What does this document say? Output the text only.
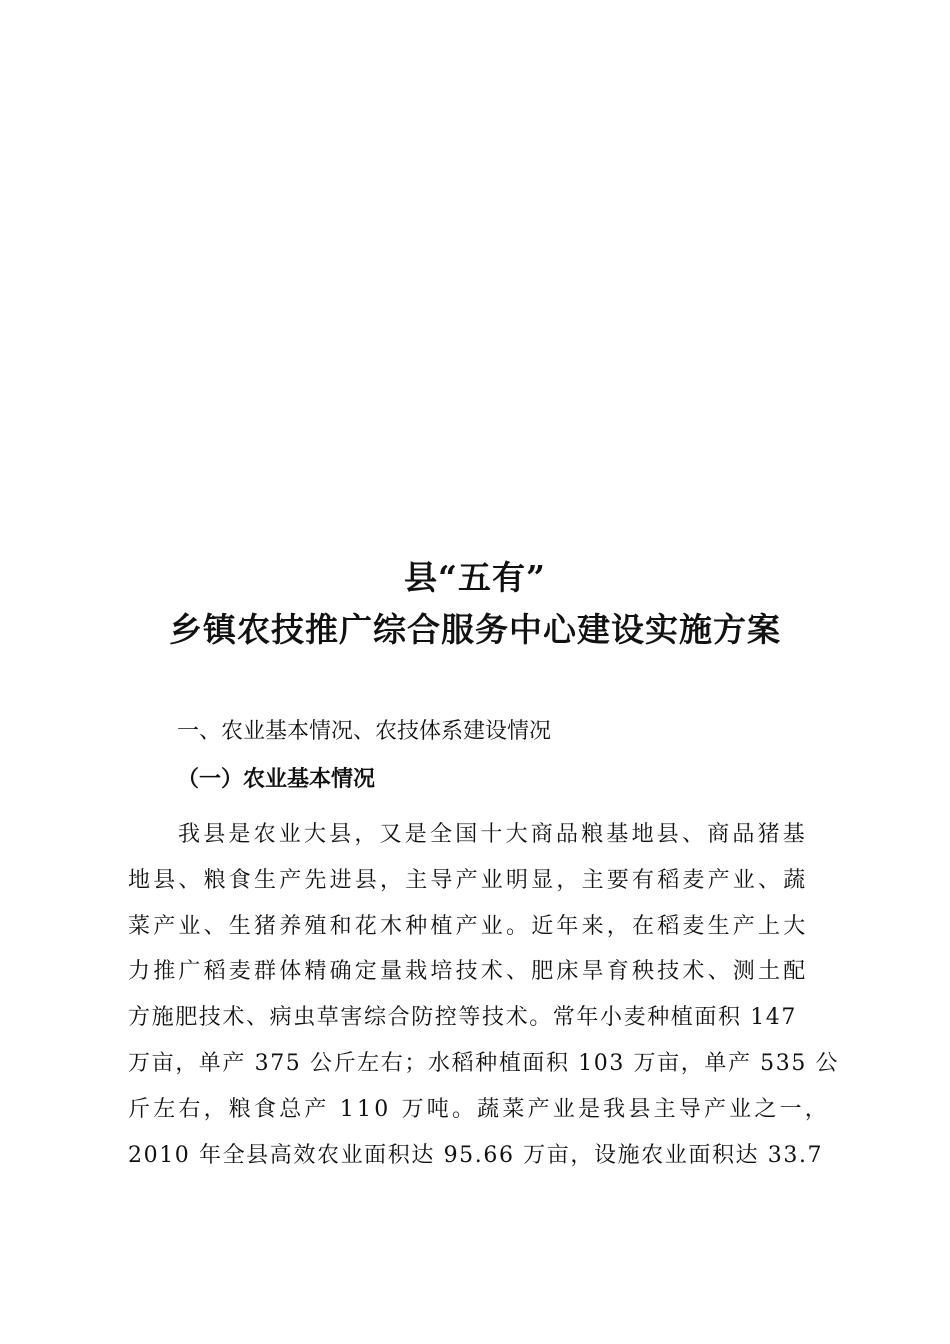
县“五有”
乡镇农技推广综合服务中心建设实施方案
一、农业基本情况、农技体系建设情况
（一）农业基本情况
我县是农业大县，又是全国十大商品粮基地县、商品猪基
地县、粮食生产先进县，主导产业明显，主要有稻麦产业、蔬
菜产业、生猪养殖和花木种植产业。近年来，在稻麦生产上大
力推广稻麦群体精确定量栽培技术、肥床旱育秧技术、测土配
方施肥技术、病虫草害综合防控等技术。常年小麦种植面积 147
万亩，单产 375 公斤左右；水稻种植面积 103 万亩，单产 535 公
斤左右，粮食总产 110 万吨。蔬菜产业是我县主导产业之一，
2010 年全县高效农业面积达 95.66 万亩，设施农业面积达 33.7
